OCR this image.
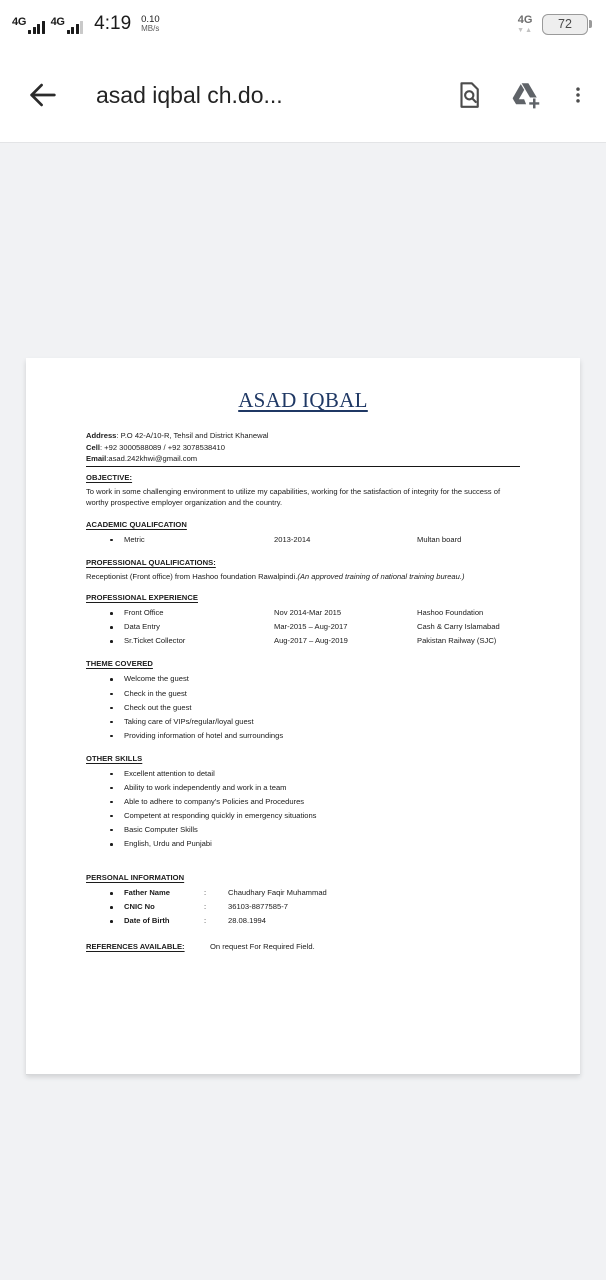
4G 4G 4:19 0.10
MB/s
4G
▼▲ 72
asad iqbal ch.do...
ASAD IQBAL
Address: P.O 42-A/10-R, Tehsil and District Khanewal
Cell: +92 3000588089 / +92 3078538410
Email:asad.242khwi@gmail.com
OBJECTIVE:
To work in some challenging environment to utilize my capabilities, working for the satisfaction of integrity for the success of worthy prospective employer organization and the country.
ACADEMIC QUALIFCATION
Metric	2013-2014	Multan board
PROFESSIONAL QUALIFICATIONS:
Receptionist (Front office) from Hashoo foundation Rawalpindi.(An approved training of national training bureau.)
PROFESSIONAL EXPERIENCE
Front Office	Nov 2014-Mar 2015	Hashoo Foundation
Data Entry	Mar-2015 – Aug-2017	Cash & Carry Islamabad
Sr.Ticket Collector	Aug-2017 – Aug-2019	Pakistan Railway (SJC)
THEME COVERED
Welcome the guest
Check in the guest
Check out the guest
Taking care of VIPs/regular/loyal guest
Providing information of hotel and surroundings
OTHER SKILLS
Excellent attention to detail
Ability to work independently and work in a team
Able to adhere to company’s Policies and Procedures
Competent at responding quickly in emergency situations
Basic Computer Skills
English, Urdu and Punjabi
PERSONAL INFORMATION
Father Name	:	Chaudhary Faqir Muhammad
CNIC No	:	36103-8877585-7
Date of Birth	:	28.08.1994
REFERENCES AVAILABLE:	On request For Required Field.
